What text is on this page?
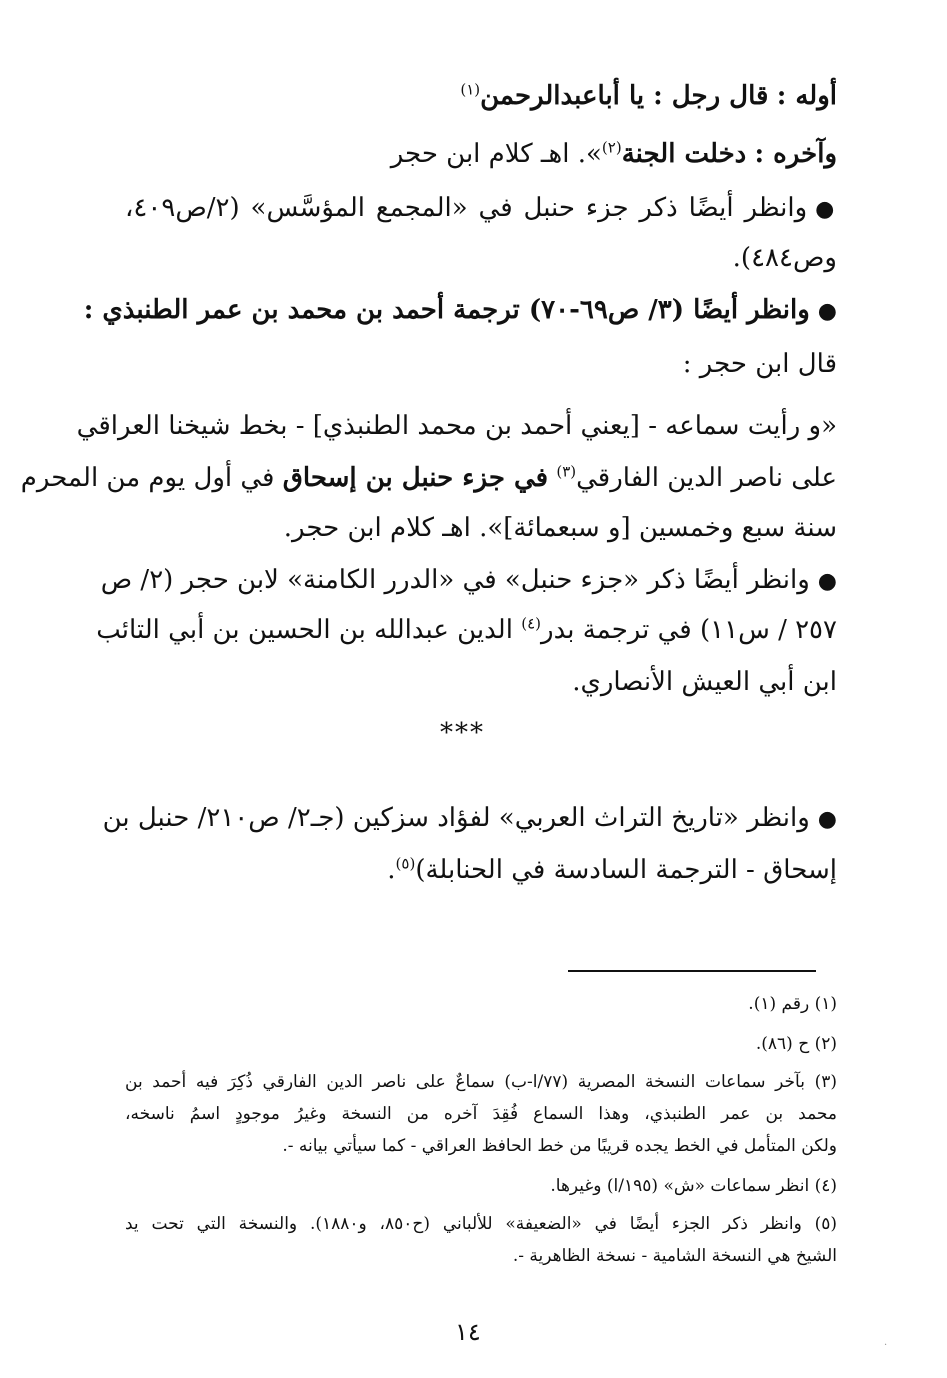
أوله : قال رجل : يا أباعبدالرحمن$^{(١)}$
وآخره : دخلت الجنة$^{(٢)}$». اهـ كلام ابن حجر
●وانظر أيضًا ذكر جزء حنبل في «المجمع المؤسَّس» (٢/ص٤٠٩،
وص٤٨٤).
●وانظر أيضًا (٣/ ص٦٩-٧٠) ترجمة أحمد بن محمد بن عمر الطنبذي :
قال ابن حجر :
«و رأيت سماعه - [يعني أحمد بن محمد الطنبذي] - بخط شيخنا العراقي
على ناصر الدين الفارقي$^{(٣)}$ في جزء حنبل بن إسحاق في أول يوم من المحرم
سنة سبع وخمسين [و سبعمائة]». اهـ كلام ابن حجر.
●وانظر أيضًا ذكر «جزء حنبل» في «الدرر الكامنة» لابن حجر (٢/ ص
٢٥٧ / س١١) في ترجمة بدر$^{(٤)}$ الدين عبدالله بن الحسين بن أبي التائب
ابن أبي العيش الأنصاري.
***
●وانظر «تاريخ التراث العربي» لفؤاد سزكين (جـ٢/ ص٢١٠/ حنبل بن
إسحاق - الترجمة السادسة في الحنابلة)$^{(٥)}$.
(١) رقم (١).
(٢) ح (٨٦).
(٣) بآخر سماعات النسخة المصرية (٧٧/ا-ب) سماعٌ على ناصر الدين الفارقي ذُكِرَ فيه أحمد بن
محمد بن عمر الطنبذي، وهذا السماع فُقِدَ آخره من النسخة وغيرُ موجودٍ اسمُ ناسخه،
ولكن المتأمل في الخط يجده قريبًا من خط الحافظ العراقي - كما سيأتي بيانه -.
(٤) انظر سماعات «ش» (١٩٥/ا) وغيرها.
(٥) وانظر ذكر الجزء أيضًا في «الضعيفة» للألباني (ح٨٥٠، و١٨٨٠). والنسخة التي تحت يد
الشيخ هي النسخة الشامية - نسخة الظاهرية -.
١٤	·
